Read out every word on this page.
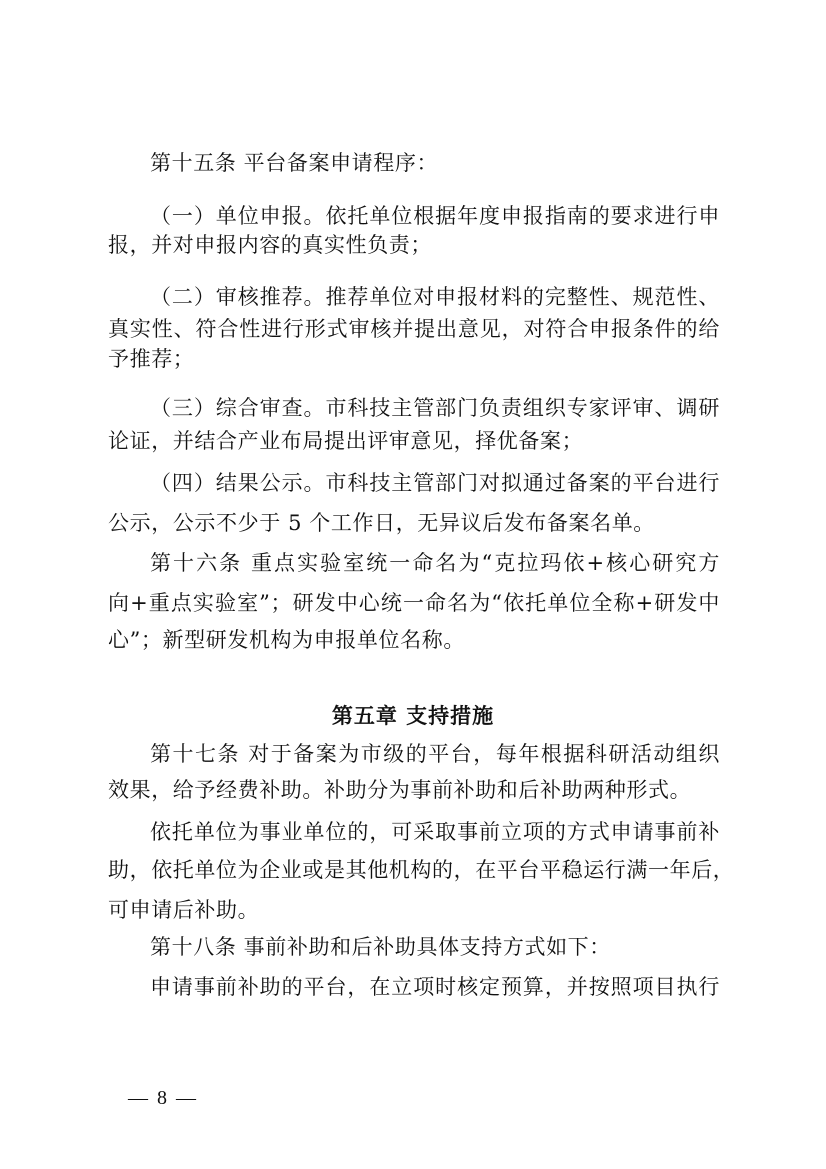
第十五条 平台备案申请程序：
（一）单位申报。依托单位根据年度申报指南的要求进行申
报，并对申报内容的真实性负责；
（二）审核推荐。推荐单位对申报材料的完整性、规范性、
真实性、符合性进行形式审核并提出意见，对符合申报条件的给
予推荐；
（三）综合审查。市科技主管部门负责组织专家评审、调研
论证，并结合产业布局提出评审意见，择优备案；
（四）结果公示。市科技主管部门对拟通过备案的平台进行
公示，公示不少于 5 个工作日，无异议后发布备案名单。
第十六条 重点实验室统一命名为“克拉玛依+核心研究方
向+重点实验室”；研发中心统一命名为“依托单位全称+研发中
心”；新型研发机构为申报单位名称。
第五章 支持措施
第十七条 对于备案为市级的平台，每年根据科研活动组织
效果，给予经费补助。补助分为事前补助和后补助两种形式。
依托单位为事业单位的，可采取事前立项的方式申请事前补
助，依托单位为企业或是其他机构的，在平台平稳运行满一年后，
可申请后补助。
第十八条 事前补助和后补助具体支持方式如下：
申请事前补助的平台，在立项时核定预算，并按照项目执行
— 8 —
